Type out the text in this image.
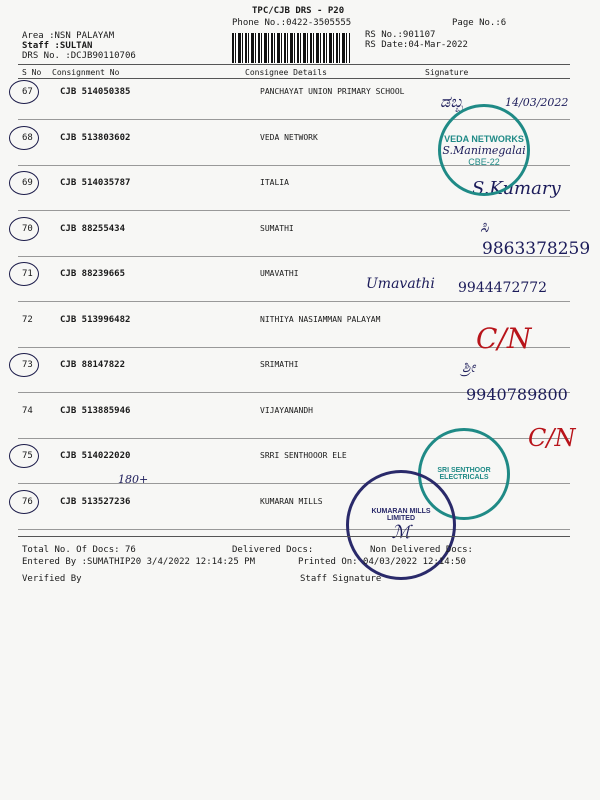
TPC/CJB DRS - P20
Phone No.:0422-3505555	Page No.:6
Area :NSN PALAYAM
Staff :SULTAN
DRS No. :DCJB90110706
RS No.:901107
RS Date:04-Mar-2022
S No Consignment No	Consignee Details	Signature
67	CJB 514050385	PANCHAYAT UNION PRIMARY SCHOOL
68	CJB 513803602	VEDA NETWORK
69	CJB 514035787	ITALIA
70	CJB 88255434	SUMATHI
71	CJB 88239665	UMAVATHI
72	CJB 513996482	NITHIYA NASIAMMAN PALAYAM
73	CJB 88147822	SRIMATHI
74	CJB 513885946	VIJAYANANDH
75	CJB 514022020	SRRI SENTHOOOR ELE
76	CJB 513527236	KUMARAN MILLS
ಡಬ್ಬ	14/03/2022
S.Kumary
ಸಿ
9863378259
Umavathi 9944472772
C/N
ಶ್ರೀ
9940789800
C/N
180+
VEDA NETWORKS
S.Manimegalai
CBE-22
SRI SENTHOOR ELECTRICALS
KUMARAN MILLS LIMITED
ℳ
Total No. Of Docs: 76	Delivered Docs:	Non Delivered Docs:
Entered By :SUMATHIP20 3/4/2022 12:14:25 PM	Printed On: 04/03/2022 12:14:50
Verified By	Staff Signature
